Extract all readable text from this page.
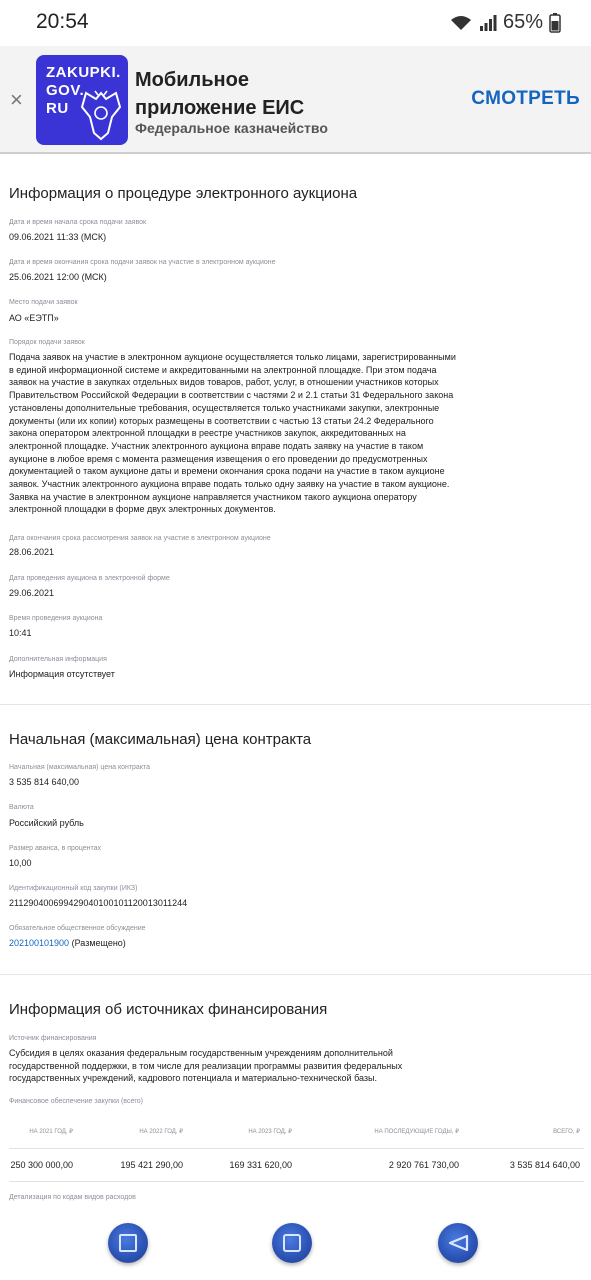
20:54	65%
×
ZAKUPKI.
GOV.
RU
Мобильное приложение ЕИС
Федеральное казначейство
СМОТРЕТЬ
Информация о процедуре электронного аукциона
Дата и время начала срока подачи заявок
09.06.2021 11:33 (МСК)
Дата и время окончания срока подачи заявок на участие в электронном аукционе
25.06.2021 12:00 (МСК)
Место подачи заявок
АО «ЕЭТП»
Порядок подачи заявок
Подача заявок на участие в электронном аукционе осуществляется только лицами, зарегистрированными в единой информационной системе и аккредитованными на электронной площадке. При этом подача заявок на участие в закупках отдельных видов товаров, работ, услуг, в отношении участников которых Правительством Российской Федерации в соответствии с частями 2 и 2.1 статьи 31 Федерального закона установлены дополнительные требования, осуществляется только участниками закупки, электронные документы (или их копии) которых размещены в соответствии с частью 13 статьи 24.2 Федерального закона оператором электронной площадки в реестре участников закупок, аккредитованных на электронной площадке. Участник электронного аукциона вправе подать заявку на участие в таком аукционе в любое время с момента размещения извещения о его проведении до предусмотренных документацией о таком аукционе даты и времени окончания срока подачи на участие в таком аукционе заявок. Участник электронного аукциона вправе подать только одну заявку на участие в таком аукционе. Заявка на участие в электронном аукционе направляется участником такого аукциона оператору электронной площадки в форме двух электронных документов.
Дата окончания срока рассмотрения заявок на участие в электронном аукционе
28.06.2021
Дата проведения аукциона в электронной форме
29.06.2021
Время проведения аукциона
10:41
Дополнительная информация
Информация отсутствует
Начальная (максимальная) цена контракта
Начальная (максимальная) цена контракта
3 535 814 640,00
Валюта
Российский рубль
Размер аванса, в процентах
10,00
Идентификационный код закупки (ИКЗ)
211290400699429040100101120013011244
Обязательное общественное обсуждение
202100101900 (Размещено)
Информация об источниках финансирования
Источник финансирования
Субсидия в целях оказания федеральным государственным учреждениям дополнительной государственной поддержки, в том числе для реализации программы развития федеральных государственных учреждений, кадрового потенциала и материально-технической базы.
Финансовое обеспечение закупки (всего)
НА 2021 ГОД, ₽	НА 2022 ГОД, ₽	НА 2023 ГОД, ₽	НА ПОСЛЕДУЮЩИЕ ГОДЫ, ₽	ВСЕГО, ₽
250 300 000,00	195 421 290,00	169 331 620,00	2 920 761 730,00	3 535 814 640,00
Детализация по кодам видов расходов
